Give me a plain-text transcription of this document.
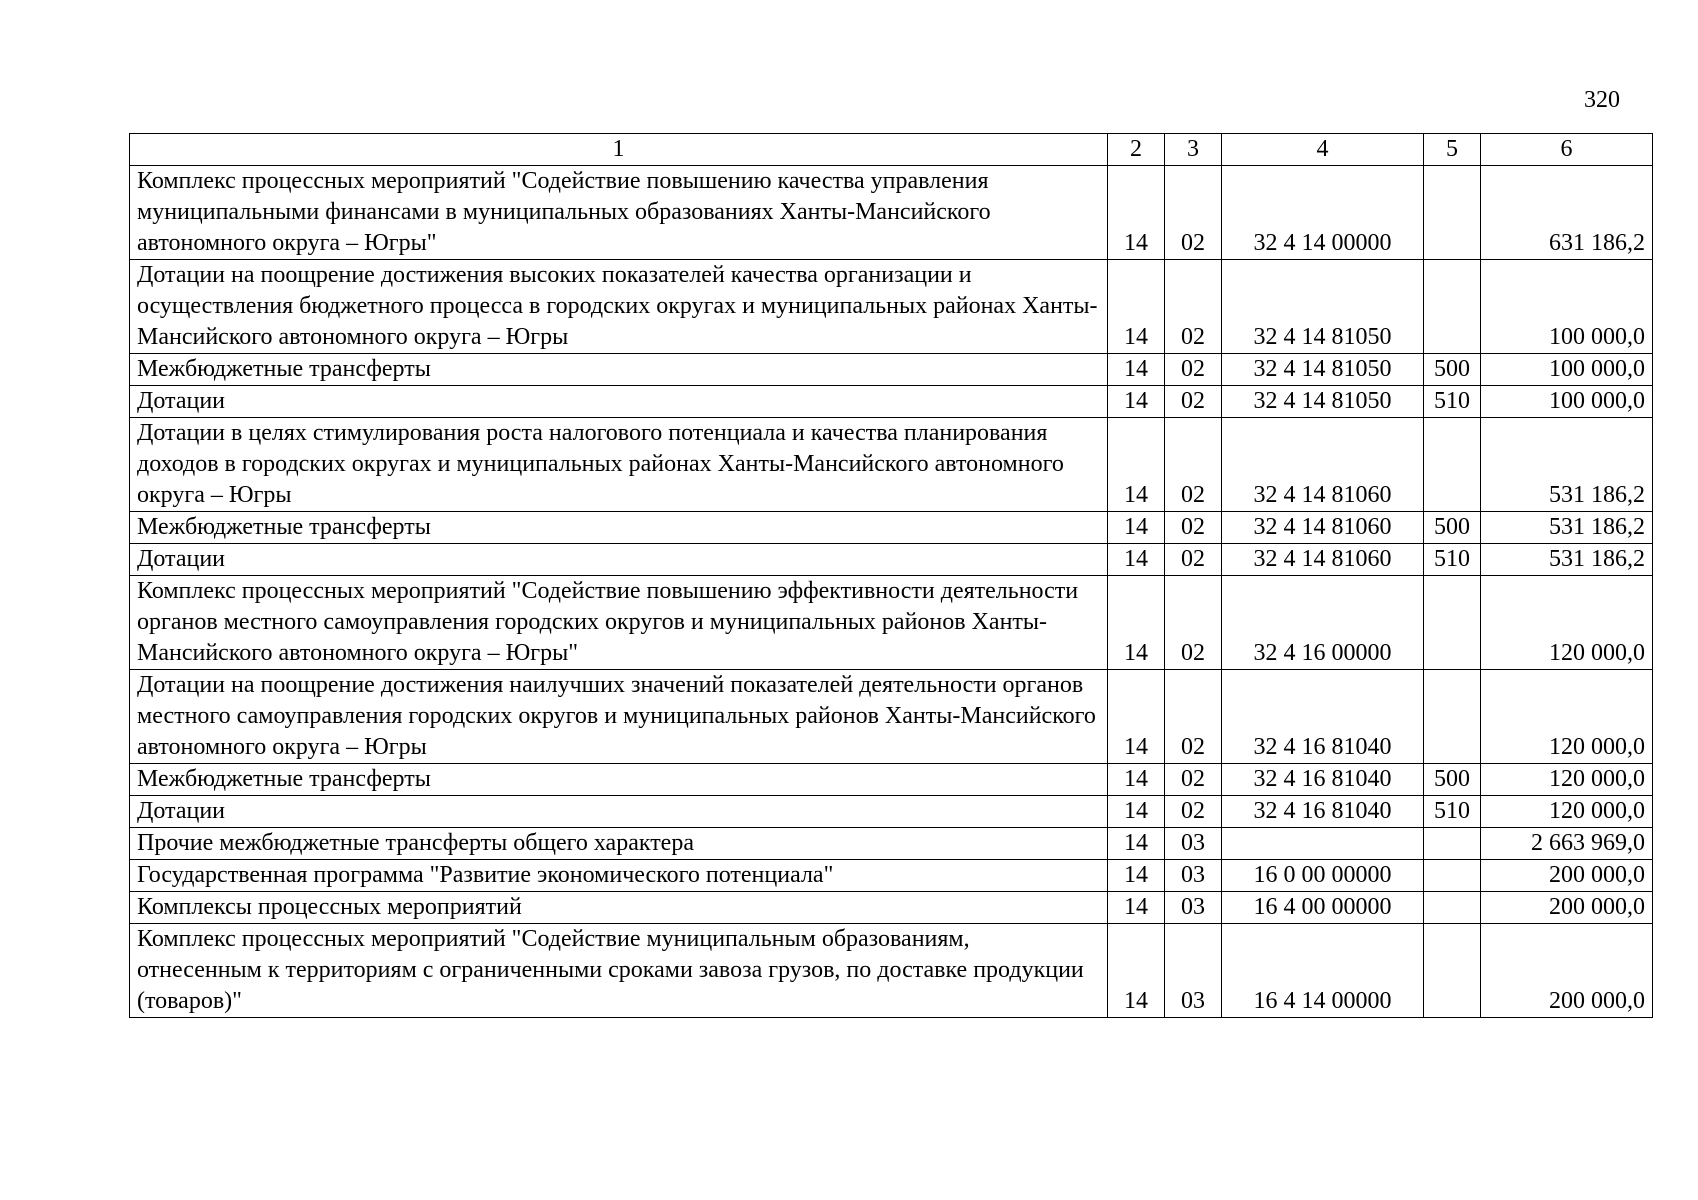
320
1	2	3	4	5	6
Комплекс процессных мероприятий "Содействие повышению качества управления муниципальными финансами в муниципальных образованиях Ханты-Мансийского автономного округа – Югры"	14	02	32 4 14 00000		631 186,2
Дотации на поощрение достижения высоких показателей качества организации и осуществления бюджетного процесса в городских округах и муниципальных районах Ханты-Мансийского автономного округа – Югры	14	02	32 4 14 81050		100 000,0
Межбюджетные трансферты	14	02	32 4 14 81050	500	100 000,0
Дотации	14	02	32 4 14 81050	510	100 000,0
Дотации в целях стимулирования роста налогового потенциала и качества планирования доходов в городских округах и муниципальных районах Ханты-Мансийского автономного округа – Югры	14	02	32 4 14 81060		531 186,2
Межбюджетные трансферты	14	02	32 4 14 81060	500	531 186,2
Дотации	14	02	32 4 14 81060	510	531 186,2
Комплекс процессных мероприятий "Содействие повышению эффективности деятельности органов местного самоуправления городских округов и муниципальных районов Ханты-Мансийского автономного округа – Югры"	14	02	32 4 16 00000		120 000,0
Дотации на поощрение достижения наилучших значений показателей деятельности органов местного самоуправления городских округов и муниципальных районов Ханты-Мансийского автономного округа – Югры	14	02	32 4 16 81040		120 000,0
Межбюджетные трансферты	14	02	32 4 16 81040	500	120 000,0
Дотации	14	02	32 4 16 81040	510	120 000,0
Прочие межбюджетные трансферты общего характера	14	03			2 663 969,0
Государственная программа "Развитие экономического потенциала"	14	03	16 0 00 00000		200 000,0
Комплексы процессных мероприятий	14	03	16 4 00 00000		200 000,0
Комплекс процессных мероприятий "Содействие муниципальным образованиям, отнесенным к территориям с ограниченными сроками завоза грузов, по доставке продукции (товаров)"	14	03	16 4 14 00000		200 000,0
